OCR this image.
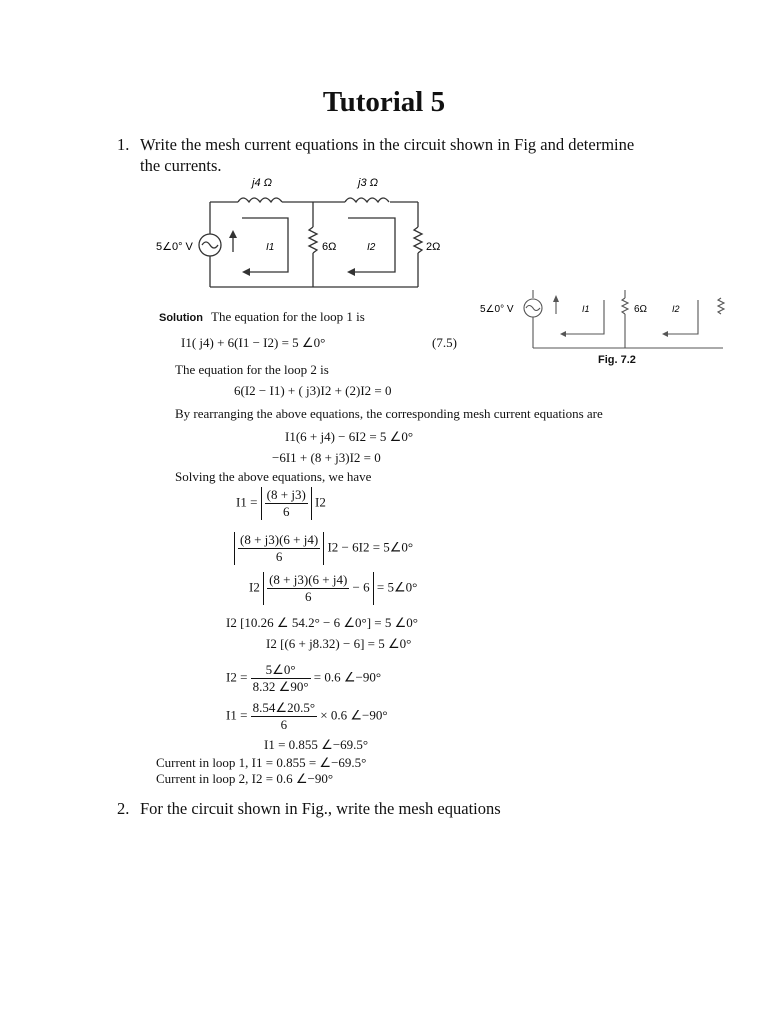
Tutorial 5
1. Write the mesh current equations in the circuit shown in Fig and determine the currents.
j4 Ω	j3 Ω
5∠0° V	I1	6Ω	I2	2Ω
5∠0° V	I1	6Ω	I2
Fig. 7.2
Solution The equation for the loop 1 is
I1( j4) + 6(I1 − I2) = 5 ∠0°	(7.5)
The equation for the loop 2 is
6(I2 − I1) + ( j3)I2 + (2)I2 = 0
By rearranging the above equations, the corresponding mesh current equations are
I1(6 + j4) − 6I2 = 5 ∠0°
−6I1 + (8 + j3)I2 = 0
Solving the above equations, we have
$I1 = \frac{(8 + j3)}{6} I2$
$\frac{(8 + j3)(6 + j4)}{6} I2 - 6I2$ = 5∠0°
$I2 \frac{(8 + j3)(6 + j4)}{6} - 6$ = 5∠0°
I2 [10.26 ∠ 54.2° − 6 ∠0°] = 5 ∠0°
I2 [(6 + j8.32) − 6] = 5 ∠0°
$I2 = \frac{5\angle 0^\circ}{8.32 \angle 90^\circ} = 0.6$ ∠−90°
$I1 = \frac{8.54\angle 20.5^\circ}{6} \times 0.6$ ∠−90°
I1 = 0.855 ∠−69.5°
Current in loop 1, I1 = 0.855 = ∠−69.5°
Current in loop 2, I2 = 0.6 ∠−90°
2. For the circuit shown in Fig., write the mesh equations
